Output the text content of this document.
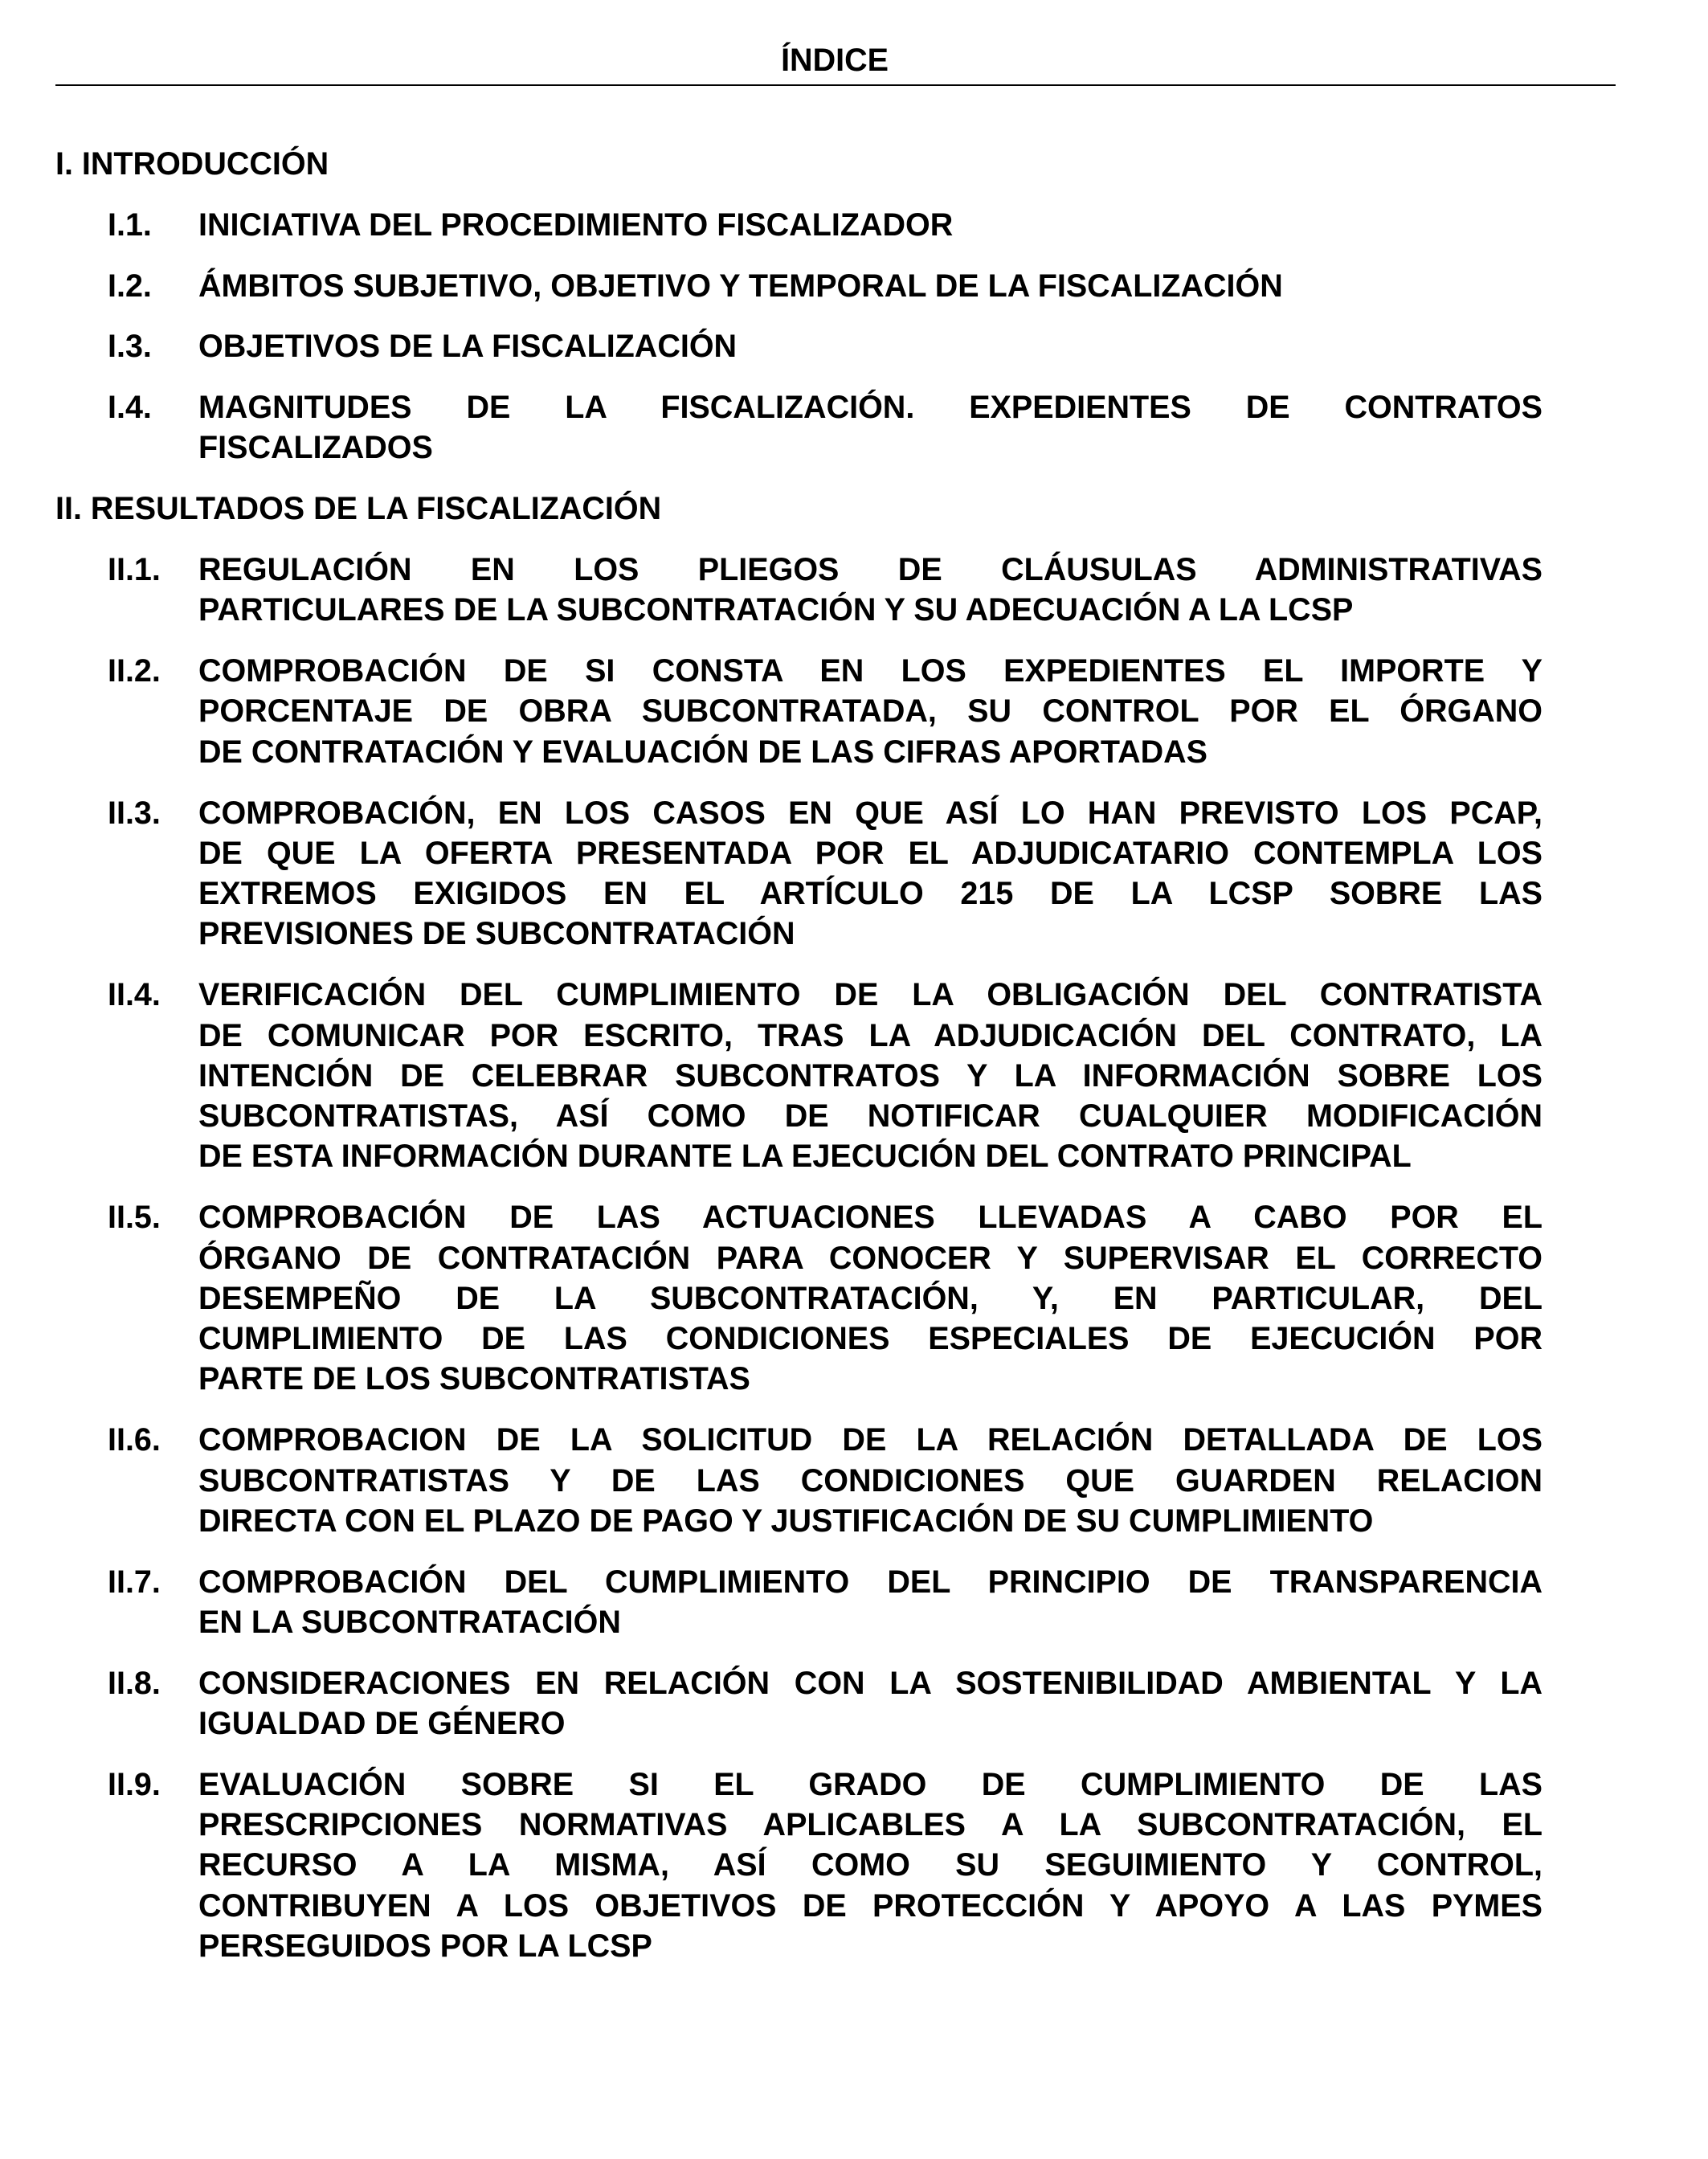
ÍNDICE
I. INTRODUCCIÓN
I.1. INICIATIVA DEL PROCEDIMIENTO FISCALIZADOR
I.2. ÁMBITOS SUBJETIVO, OBJETIVO Y TEMPORAL DE LA FISCALIZACIÓN
I.3. OBJETIVOS DE LA FISCALIZACIÓN
I.4. MAGNITUDES DE LA FISCALIZACIÓN. EXPEDIENTES DE CONTRATOS
FISCALIZADOS
II. RESULTADOS DE LA FISCALIZACIÓN
II.1. REGULACIÓN EN LOS PLIEGOS DE CLÁUSULAS ADMINISTRATIVAS
PARTICULARES DE LA SUBCONTRATACIÓN Y SU ADECUACIÓN A LA LCSP
II.2. COMPROBACIÓN DE SI CONSTA EN LOS EXPEDIENTES EL IMPORTE Y
PORCENTAJE DE OBRA SUBCONTRATADA, SU CONTROL POR EL ÓRGANO
DE CONTRATACIÓN Y EVALUACIÓN DE LAS CIFRAS APORTADAS
II.3. COMPROBACIÓN, EN LOS CASOS EN QUE ASÍ LO HAN PREVISTO LOS PCAP,
DE QUE LA OFERTA PRESENTADA POR EL ADJUDICATARIO CONTEMPLA LOS
EXTREMOS EXIGIDOS EN EL ARTÍCULO 215 DE LA LCSP SOBRE LAS
PREVISIONES DE SUBCONTRATACIÓN
II.4. VERIFICACIÓN DEL CUMPLIMIENTO DE LA OBLIGACIÓN DEL CONTRATISTA
DE COMUNICAR POR ESCRITO, TRAS LA ADJUDICACIÓN DEL CONTRATO, LA
INTENCIÓN DE CELEBRAR SUBCONTRATOS Y LA INFORMACIÓN SOBRE LOS
SUBCONTRATISTAS, ASÍ COMO DE NOTIFICAR CUALQUIER MODIFICACIÓN
DE ESTA INFORMACIÓN DURANTE LA EJECUCIÓN DEL CONTRATO PRINCIPAL
II.5. COMPROBACIÓN DE LAS ACTUACIONES LLEVADAS A CABO POR EL
ÓRGANO DE CONTRATACIÓN PARA CONOCER Y SUPERVISAR EL CORRECTO
DESEMPEÑO DE LA SUBCONTRATACIÓN, Y, EN PARTICULAR, DEL
CUMPLIMIENTO DE LAS CONDICIONES ESPECIALES DE EJECUCIÓN POR
PARTE DE LOS SUBCONTRATISTAS
II.6. COMPROBACION DE LA SOLICITUD DE LA RELACIÓN DETALLADA DE LOS
SUBCONTRATISTAS Y DE LAS CONDICIONES QUE GUARDEN RELACION
DIRECTA CON EL PLAZO DE PAGO Y JUSTIFICACIÓN DE SU CUMPLIMIENTO
II.7. COMPROBACIÓN DEL CUMPLIMIENTO DEL PRINCIPIO DE TRANSPARENCIA
EN LA SUBCONTRATACIÓN
II.8. CONSIDERACIONES EN RELACIÓN CON LA SOSTENIBILIDAD AMBIENTAL Y LA
IGUALDAD DE GÉNERO
II.9. EVALUACIÓN SOBRE SI EL GRADO DE CUMPLIMIENTO DE LAS
PRESCRIPCIONES NORMATIVAS APLICABLES A LA SUBCONTRATACIÓN, EL
RECURSO A LA MISMA, ASÍ COMO SU SEGUIMIENTO Y CONTROL,
CONTRIBUYEN A LOS OBJETIVOS DE PROTECCIÓN Y APOYO A LAS PYMES
PERSEGUIDOS POR LA LCSP
